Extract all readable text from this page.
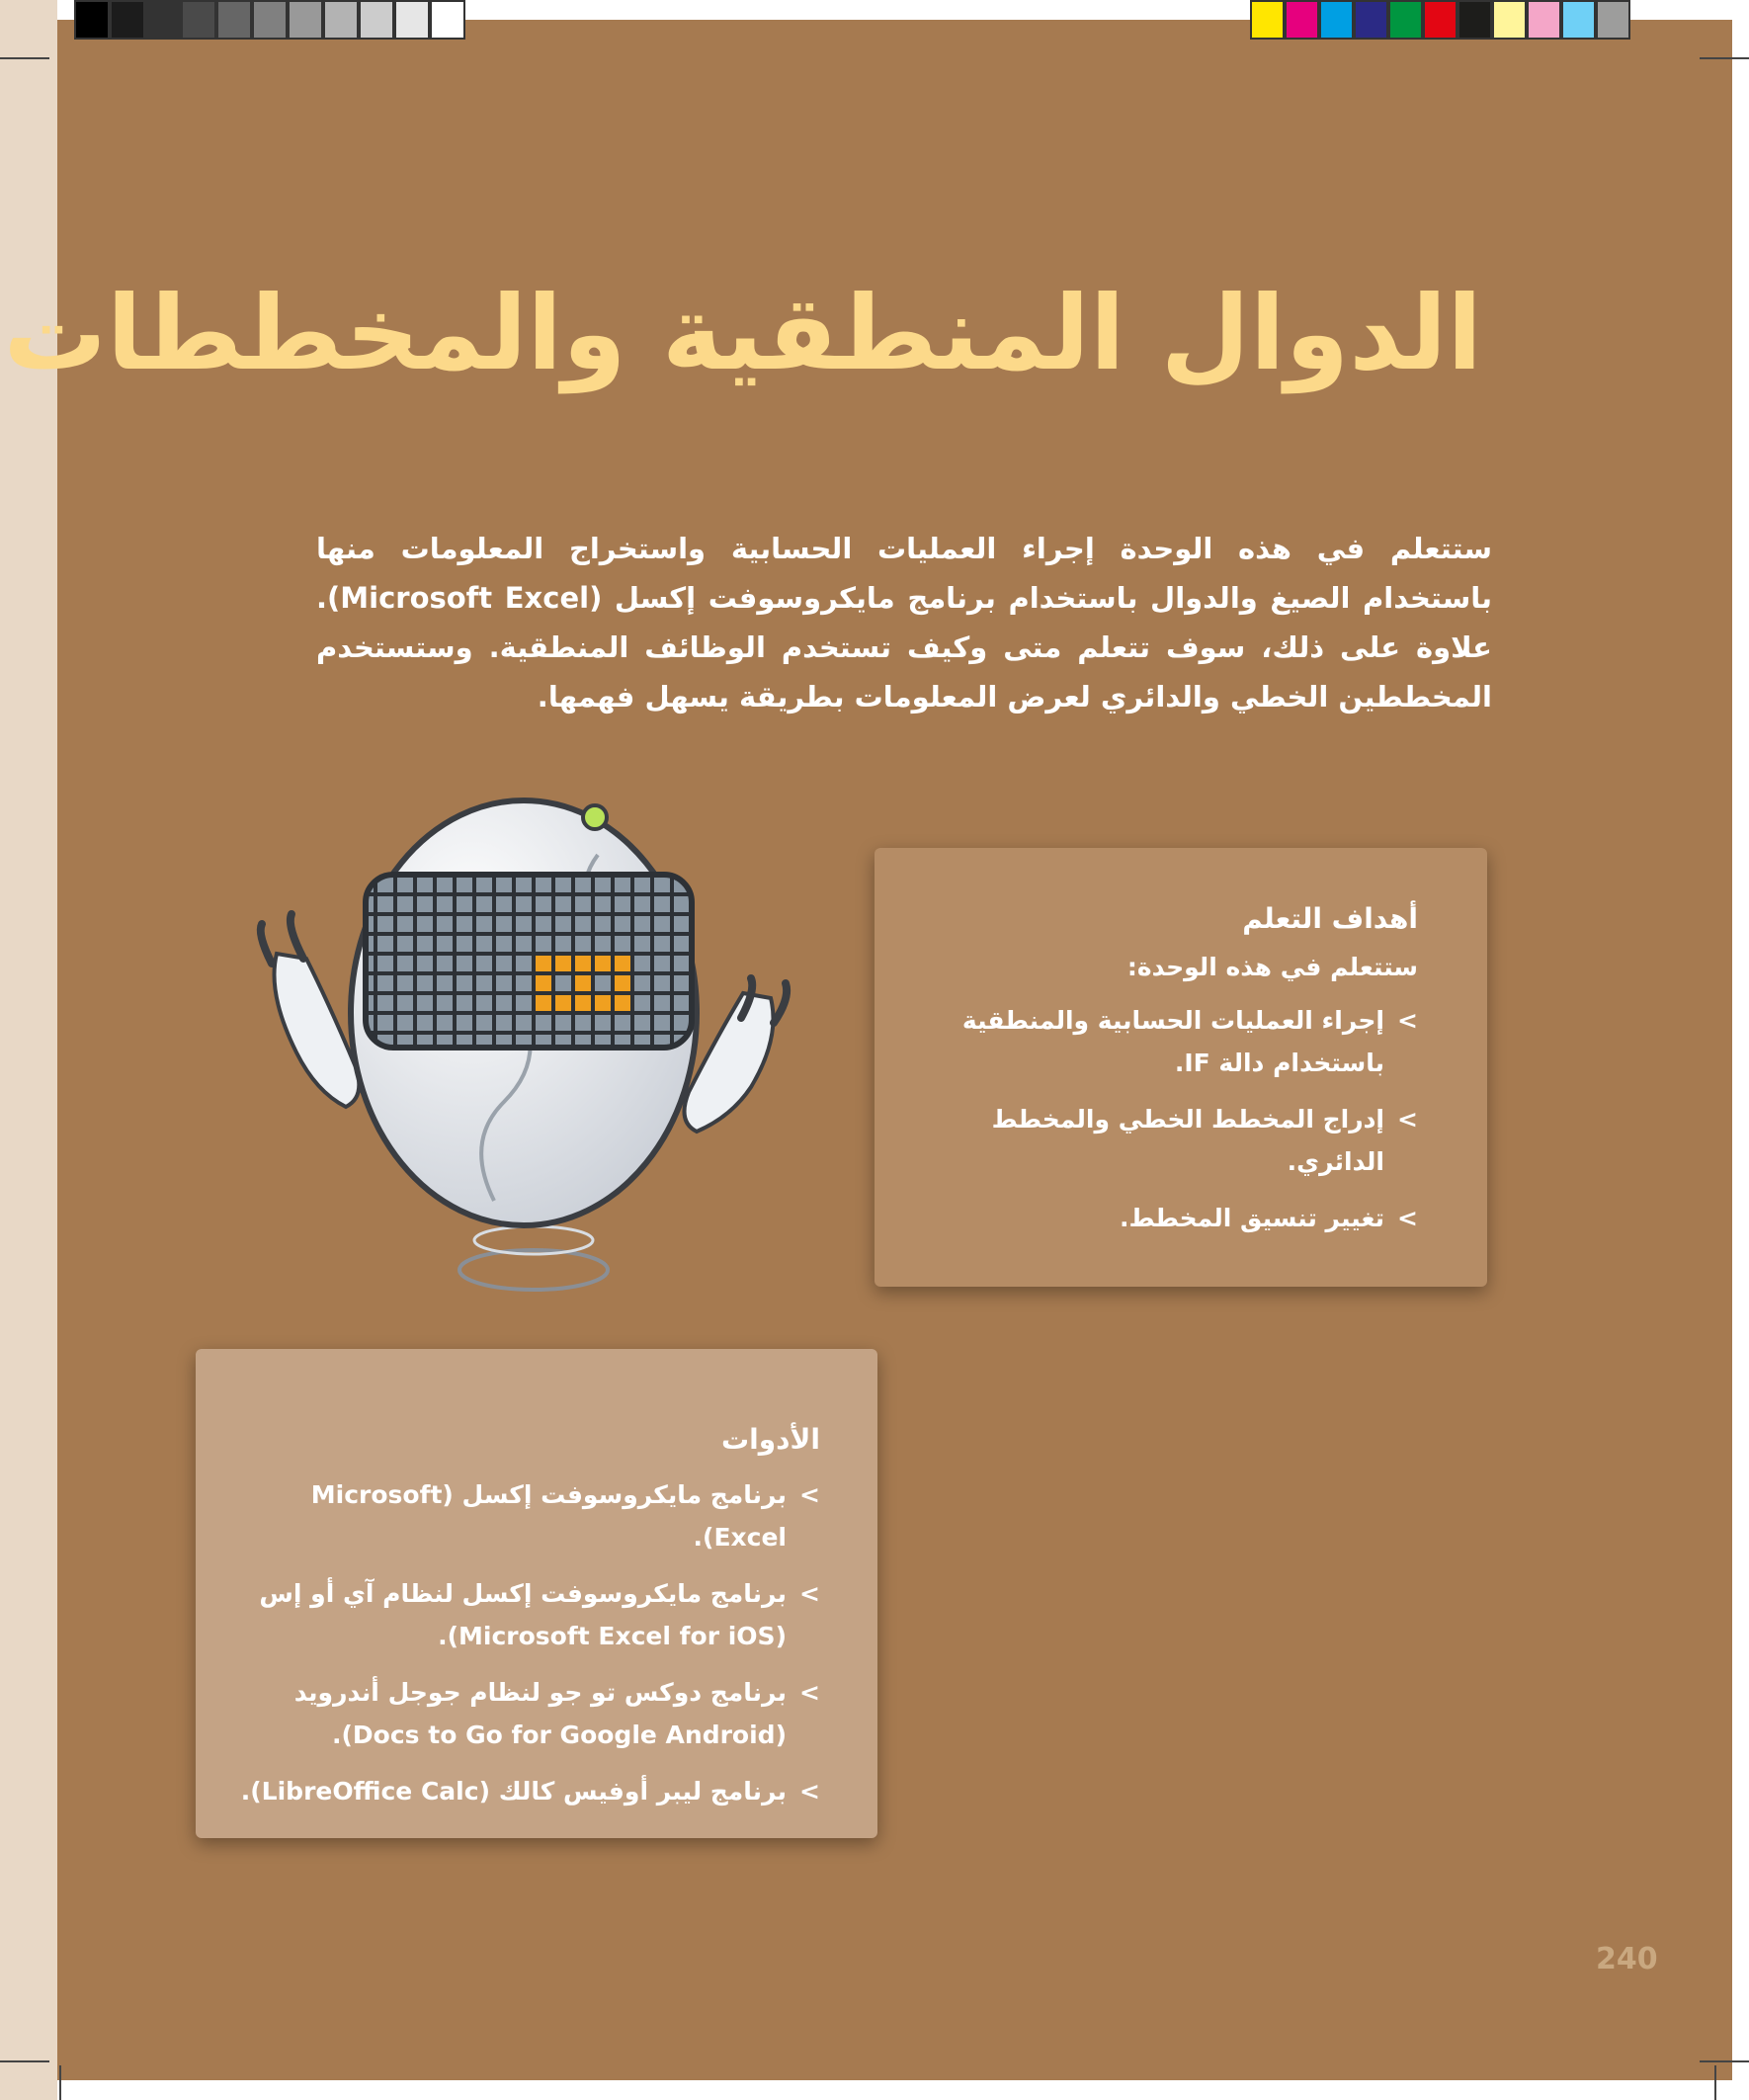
الدوال المنطقية والمخططات

ستتعلم في هذه الوحدة إجراء العمليات الحسابية واستخراج المعلومات منها باستخدام الصيغ والدوال باستخدام برنامج مايكروسوفت إكسل (Microsoft Excel). علاوة على ذلك، سوف تتعلم متى وكيف تستخدم الوظائف المنطقية. وستستخدم المخططين الخطي والدائري لعرض المعلومات بطريقة يسهل فهمها.

أهداف التعلم
ستتعلم في هذه الوحدة:
>
إجراء العمليات الحسابية والمنطقية باستخدام دالة IF.
>
إدراج المخطط الخطي والمخطط الدائري.
>
تغيير تنسيق المخطط.
الأدوات
>
برنامج مايكروسوفت إكسل (Microsoft Excel).
>
برنامج مايكروسوفت إكسل لنظام آي أو إس (Microsoft Excel for iOS).
>
برنامج دوكس تو جو لنظام جوجل أندرويد (Docs to Go for Google Android).
>
برنامج ليبر أوفيس كالك (LibreOffice Calc).
240
